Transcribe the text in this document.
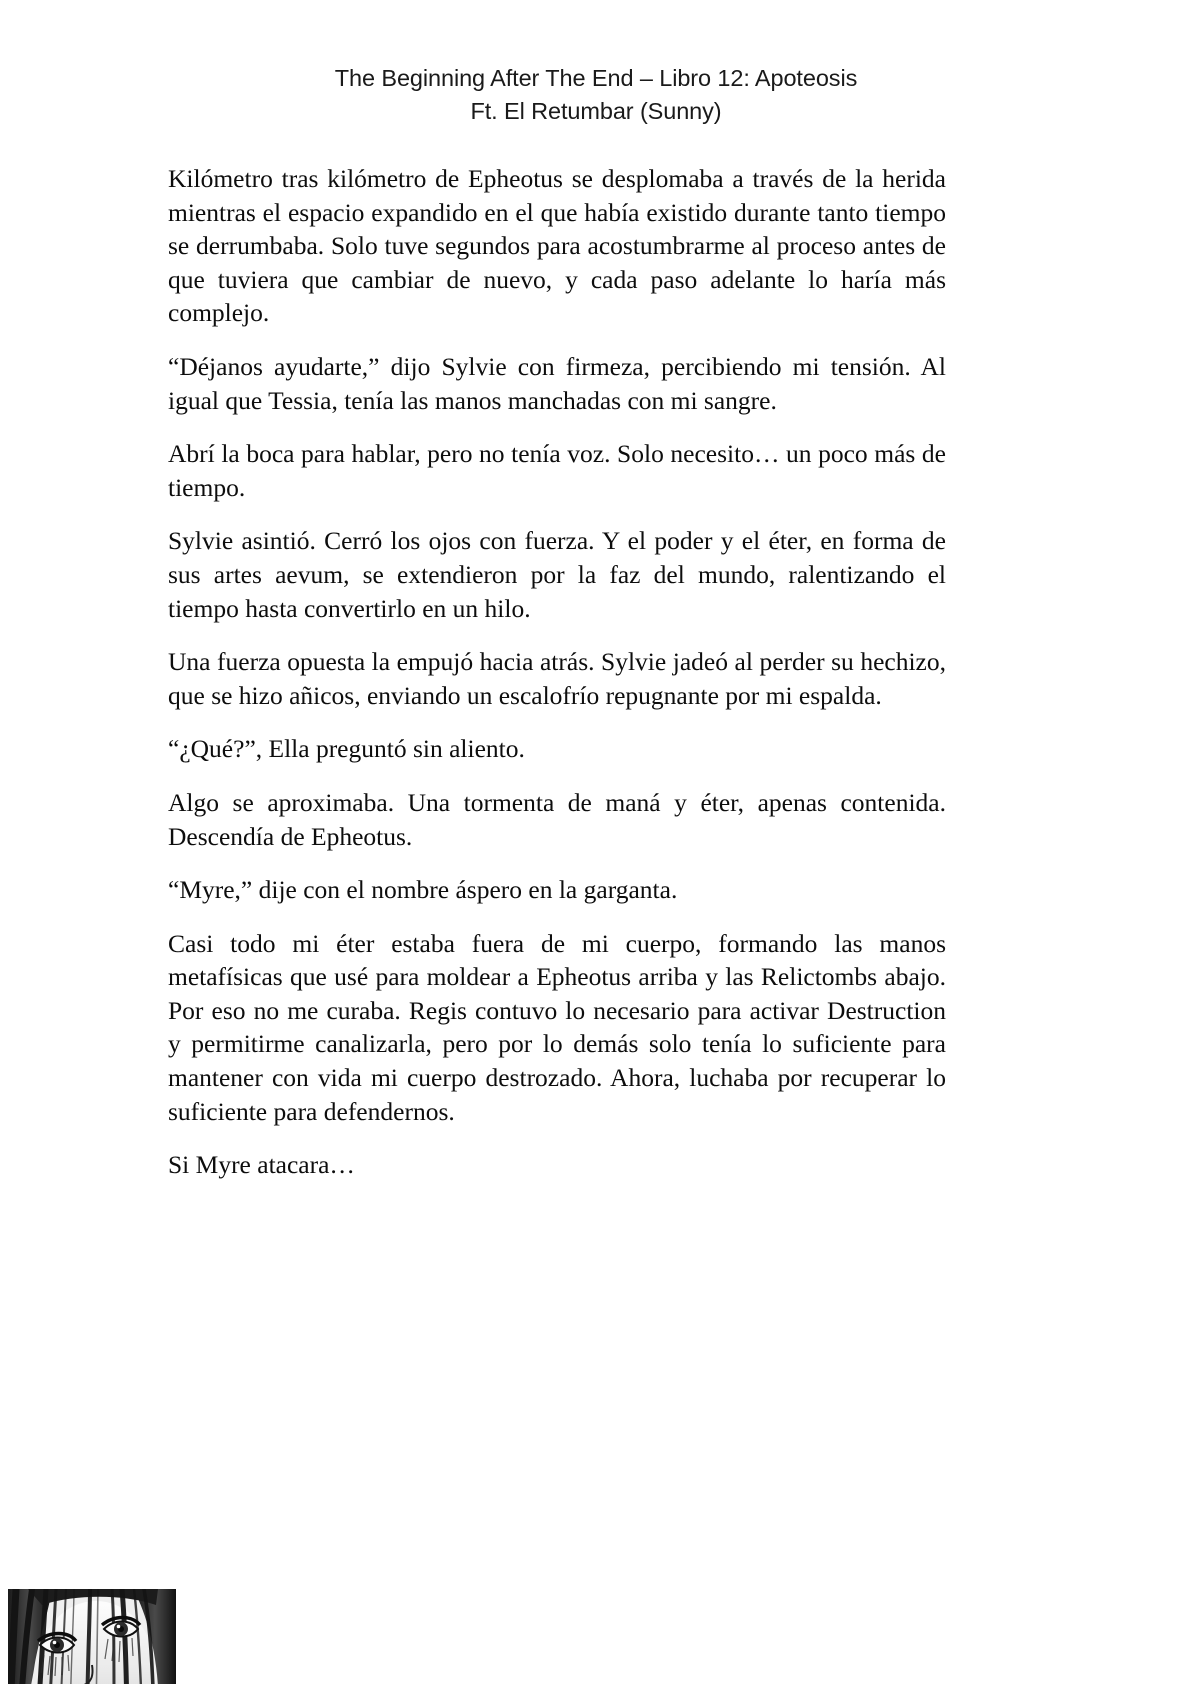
The Beginning After The End – Libro 12: Apoteosis
Ft. El Retumbar (Sunny)

Kilómetro tras kilómetro de Epheotus se desplomaba a través de la herida mientras el espacio expandido en el que había existido durante tanto tiempo se derrumbaba. Solo tuve segundos para acostumbrarme al proceso antes de que tuviera que cambiar de nuevo, y cada paso adelante lo haría más complejo.

“Déjanos ayudarte,” dijo Sylvie con firmeza, percibiendo mi tensión. Al igual que Tessia, tenía las manos manchadas con mi sangre.

Abrí la boca para hablar, pero no tenía voz. Solo necesito… un poco más de tiempo.

Sylvie asintió. Cerró los ojos con fuerza. Y el poder y el éter, en forma de sus artes aevum, se extendieron por la faz del mundo, ralentizando el tiempo hasta convertirlo en un hilo.

Una fuerza opuesta la empujó hacia atrás. Sylvie jadeó al perder su hechizo, que se hizo añicos, enviando un escalofrío repugnante por mi espalda.

“¿Qué?”, Ella preguntó sin aliento.

Algo se aproximaba. Una tormenta de maná y éter, apenas contenida. Descendía de Epheotus.

“Myre,” dije con el nombre áspero en la garganta.

Casi todo mi éter estaba fuera de mi cuerpo, formando las manos metafísicas que usé para moldear a Epheotus arriba y las Relictombs abajo. Por eso no me curaba. Regis contuvo lo necesario para activar Destruction y permitirme canalizarla, pero por lo demás solo tenía lo suficiente para mantener con vida mi cuerpo destrozado. Ahora, luchaba por recuperar lo suficiente para defendernos.

Si Myre atacara…
